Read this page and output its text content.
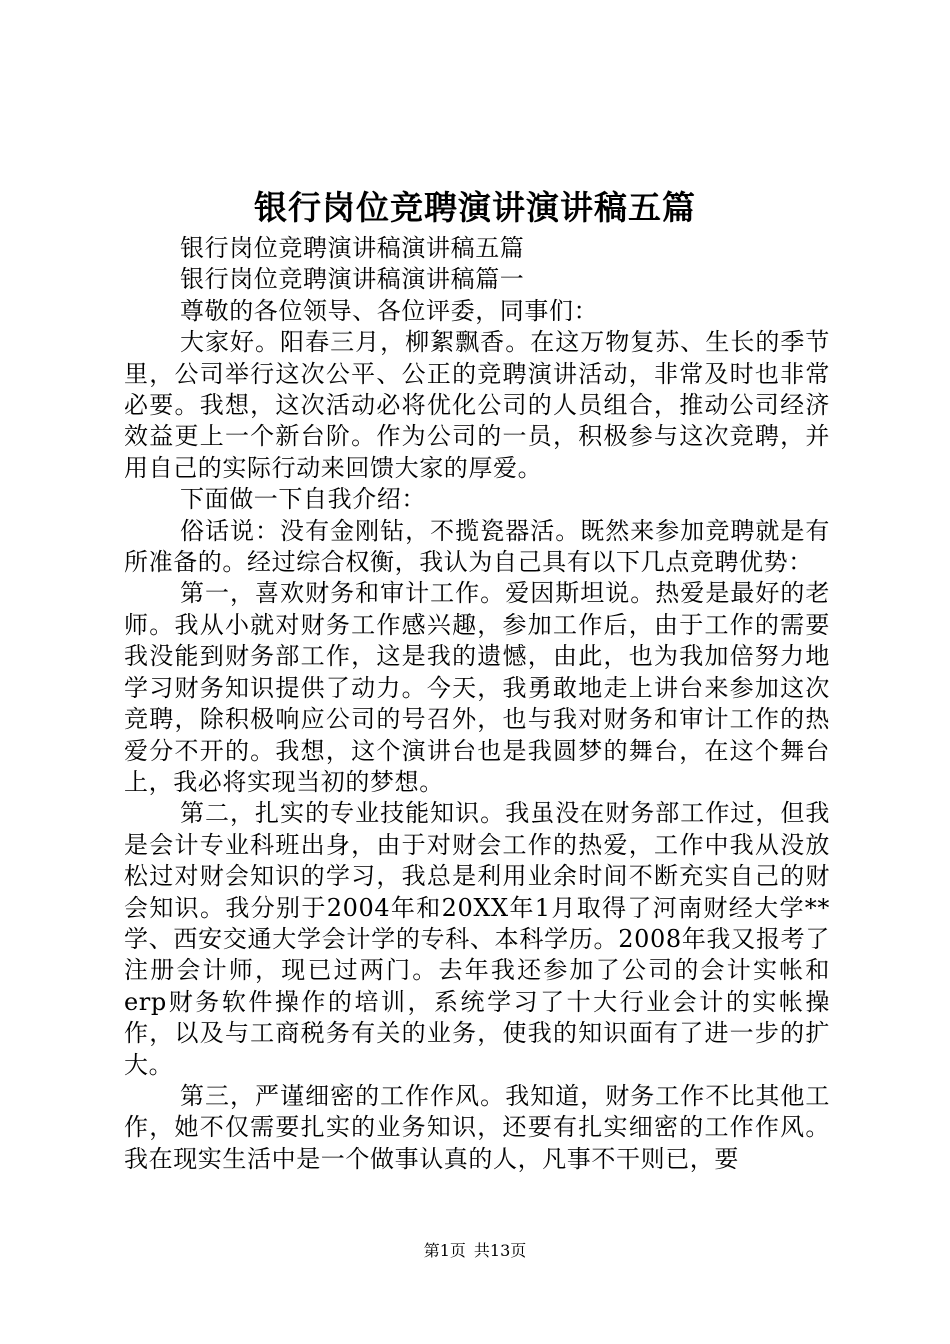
银行岗位竞聘演讲演讲稿五篇

银行岗位竞聘演讲稿演讲稿五篇

银行岗位竞聘演讲稿演讲稿篇一

尊敬的各位领导、各位评委，同事们：

大家好。阳春三月，柳絮飘香。在这万物复苏、生长的季节里，公司举行这次公平、公正的竞聘演讲活动，非常及时也非常必要。我想，这次活动必将优化公司的人员组合，推动公司经济效益更上一个新台阶。作为公司的一员，积极参与这次竞聘，并用自己的实际行动来回馈大家的厚爱。

下面做一下自我介绍：

俗话说：没有金刚钻，不揽瓷器活。既然来参加竞聘就是有所准备的。经过综合权衡，我认为自己具有以下几点竞聘优势：

第一，喜欢财务和审计工作。爱因斯坦说。热爱是最好的老师。我从小就对财务工作感兴趣，参加工作后，由于工作的需要我没能到财务部工作，这是我的遗憾，由此，也为我加倍努力地学习财务知识提供了动力。今天，我勇敢地走上讲台来参加这次竞聘，除积极响应公司的号召外，也与我对财务和审计工作的热爱分不开的。我想，这个演讲台也是我圆梦的舞台，在这个舞台上，我必将实现当初的梦想。

第二，扎实的专业技能知识。我虽没在财务部工作过，但我是会计专业科班出身，由于对财会工作的热爱，工作中我从没放松过对财会知识的学习，我总是利用业余时间不断充实自己的财会知识。我分别于2004年和20XX年1月取得了河南财经大学**学、西安交通大学会计学的专科、本科学历。2008年我又报考了注册会计师，现已过两门。去年我还参加了公司的会计实帐和erp财务软件操作的培训，系统学习了十大行业会计的实帐操作，以及与工商税务有关的业务，使我的知识面有了进一步的扩大。

第三，严谨细密的工作作风。我知道，财务工作不比其他工作，她不仅需要扎实的业务知识，还要有扎实细密的工作作风。我在现实生活中是一个做事认真的人，凡事不干则已，要

第1页 共13页
